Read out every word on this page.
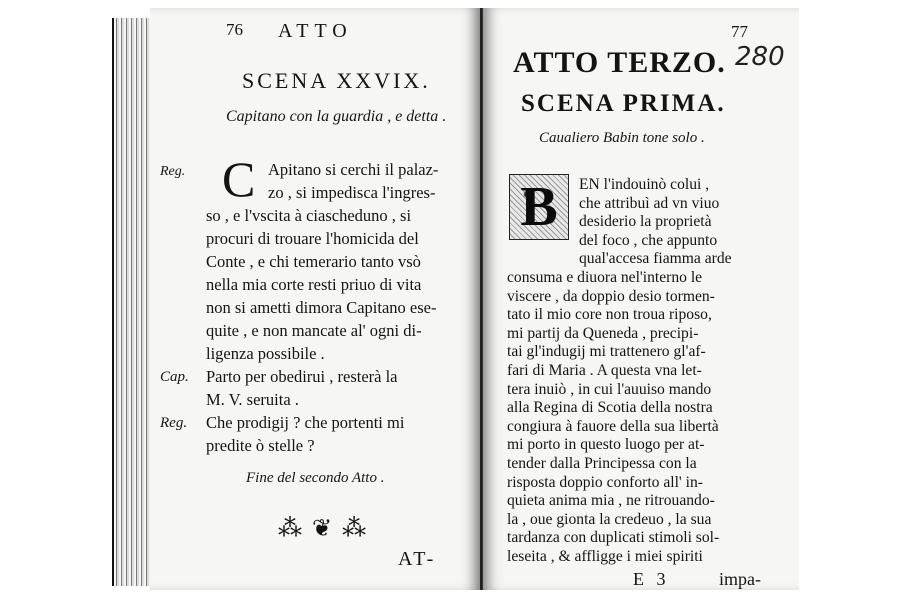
76 ATTO
SCENA XXVIX.
Capitano con la guardia , e detta .
Reg. C Apitano si cerchi il palaz-
zo , si impedisca l'ingres-
so , e l'vscita à ciascheduno , si
procuri di trouare l'homicida del
Conte , e chi temerario tanto vsò
nella mia corte resti priuo di vita
non si ametti dimora Capitano ese-
quite , e non mancate al' ogni di-
ligenza possibile .
Cap. Parto per obedirui , resterà la
M. V. seruita .
Reg. Che prodigij ? che portenti mi
predite ò stelle ?
Fine del secondo Atto .
⁂ ❦ ⁂
AT-
77
ATTO TERZO. 280
SCENA PRIMA.
Caualiero Babin tone solo .
B	EN l'indouinò colui ,
che attribuì ad vn viuo
desiderio la proprietà
del foco , che appunto
qual'accesa fiamma arde
consuma e diuora nel'interno le
viscere , da doppio desio tormen-
tato il mio core non troua riposo,
mi partij da Queneda , precipi-
tai gl'indugij mi trattenero gl'af-
fari di Maria . A questa vna let-
tera inuiò , in cui l'auuiso mando
alla Regina di Scotia della nostra
congiura à fauore della sua libertà
mi porto in questo luogo per at-
tender dalla Principessa con la
risposta doppio conforto all' in-
quieta anima mia , ne ritrouando-
la , oue gionta la credeuo , la sua
tardanza con duplicati stimoli sol-
leseita , & affligge i miei spiriti
E 3	impa-
